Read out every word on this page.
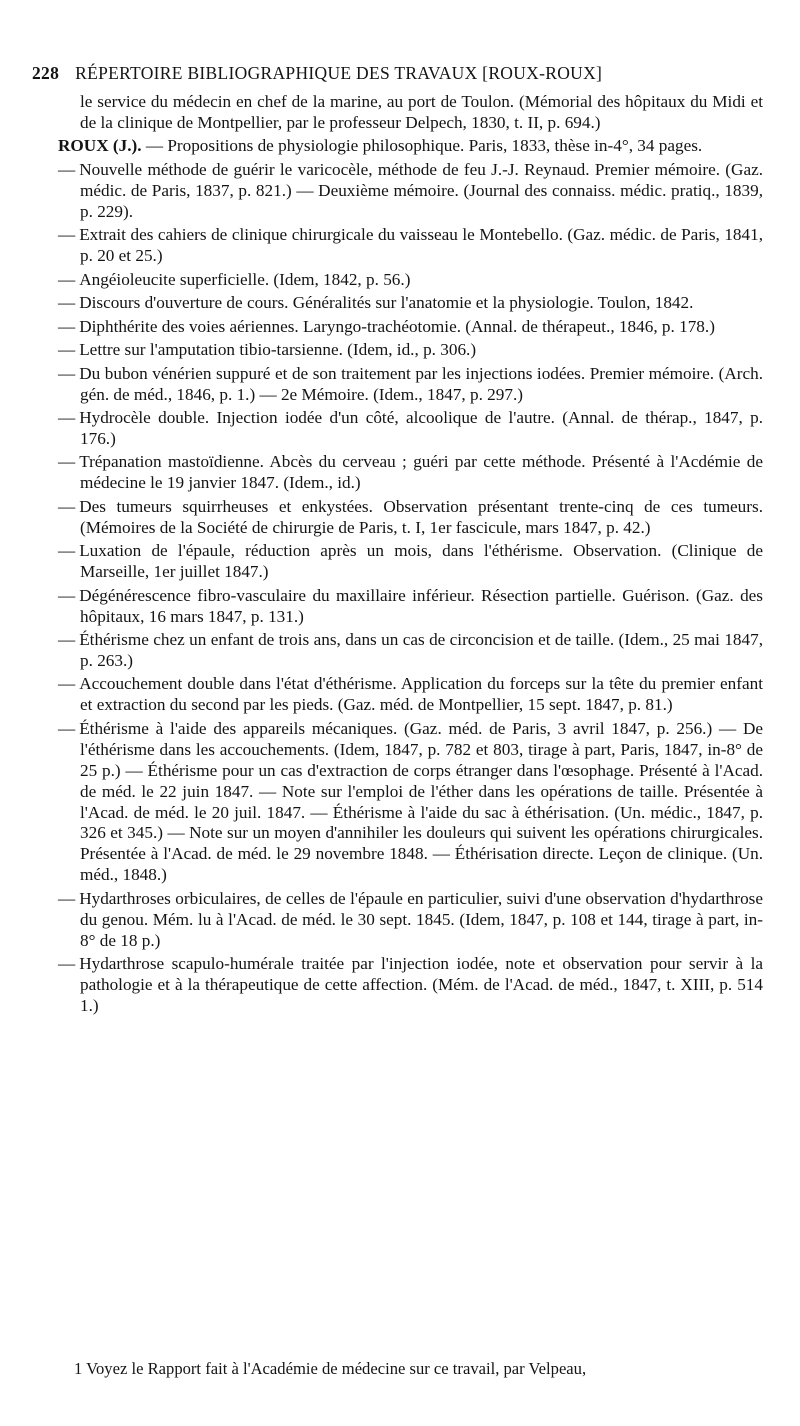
228 RÉPERTOIRE BIBLIOGRAPHIQUE DES TRAVAUX [ROUX-ROUX]

le service du médecin en chef de la marine, au port de Toulon. (Mémorial des hôpitaux du Midi et de la clinique de Montpellier, par le professeur Delpech, 1830, t. II, p. 694.)

ROUX (J.). — Propositions de physiologie philosophique. Paris, 1833, thèse in-4°, 34 pages.

— Nouvelle méthode de guérir le varicocèle, méthode de feu J.-J. Reynaud. Premier mémoire. (Gaz. médic. de Paris, 1837, p. 821.) — Deuxième mémoire. (Journal des connaiss. médic. pratiq., 1839, p. 229).

— Extrait des cahiers de clinique chirurgicale du vaisseau le Montebello. (Gaz. médic. de Paris, 1841, p. 20 et 25.)

— Angéioleucite superficielle. (Idem, 1842, p. 56.)

— Discours d'ouverture de cours. Généralités sur l'anatomie et la physiologie. Toulon, 1842.

— Diphthérite des voies aériennes. Laryngo-trachéotomie. (Annal. de thérapeut., 1846, p. 178.)

— Lettre sur l'amputation tibio-tarsienne. (Idem, id., p. 306.)

— Du bubon vénérien suppuré et de son traitement par les injections iodées. Premier mémoire. (Arch. gén. de méd., 1846, p. 1.) — 2e Mémoire. (Idem., 1847, p. 297.)

— Hydrocèle double. Injection iodée d'un côté, alcoolique de l'autre. (Annal. de thérap., 1847, p. 176.)

— Trépanation mastoïdienne. Abcès du cerveau ; guéri par cette méthode. Présenté à l'Acdémie de médecine le 19 janvier 1847. (Idem., id.)

— Des tumeurs squirrheuses et enkystées. Observation présentant trente-cinq de ces tumeurs. (Mémoires de la Société de chirurgie de Paris, t. I, 1er fascicule, mars 1847, p. 42.)

— Luxation de l'épaule, réduction après un mois, dans l'éthérisme. Observation. (Clinique de Marseille, 1er juillet 1847.)

— Dégénérescence fibro-vasculaire du maxillaire inférieur. Résection partielle. Guérison. (Gaz. des hôpitaux, 16 mars 1847, p. 131.)

— Éthérisme chez un enfant de trois ans, dans un cas de circoncision et de taille. (Idem., 25 mai 1847, p. 263.)

— Accouchement double dans l'état d'éthérisme. Application du forceps sur la tête du premier enfant et extraction du second par les pieds. (Gaz. méd. de Montpellier, 15 sept. 1847, p. 81.)

— Éthérisme à l'aide des appareils mécaniques. (Gaz. méd. de Paris, 3 avril 1847, p. 256.) — De l'éthérisme dans les accouchements. (Idem, 1847, p. 782 et 803, tirage à part, Paris, 1847, in-8° de 25 p.) — Éthérisme pour un cas d'extraction de corps étranger dans l'œsophage. Présenté à l'Acad. de méd. le 22 juin 1847. — Note sur l'emploi de l'éther dans les opérations de taille. Présentée à l'Acad. de méd. le 20 juil. 1847. — Éthérisme à l'aide du sac à éthérisation. (Un. médic., 1847, p. 326 et 345.) — Note sur un moyen d'annihiler les douleurs qui suivent les opérations chirurgicales. Présentée à l'Acad. de méd. le 29 novembre 1848. — Éthérisation directe. Leçon de clinique. (Un. méd., 1848.)

— Hydarthroses orbiculaires, de celles de l'épaule en particulier, suivi d'une observation d'hydarthrose du genou. Mém. lu à l'Acad. de méd. le 30 sept. 1845. (Idem, 1847, p. 108 et 144, tirage à part, in-8° de 18 p.)

— Hydarthrose scapulo-humérale traitée par l'injection iodée, note et observation pour servir à la pathologie et à la thérapeutique de cette affection. (Mém. de l'Acad. de méd., 1847, t. XIII, p. 514 1.)

1 Voyez le Rapport fait à l'Académie de médecine sur ce travail, par Velpeau,
